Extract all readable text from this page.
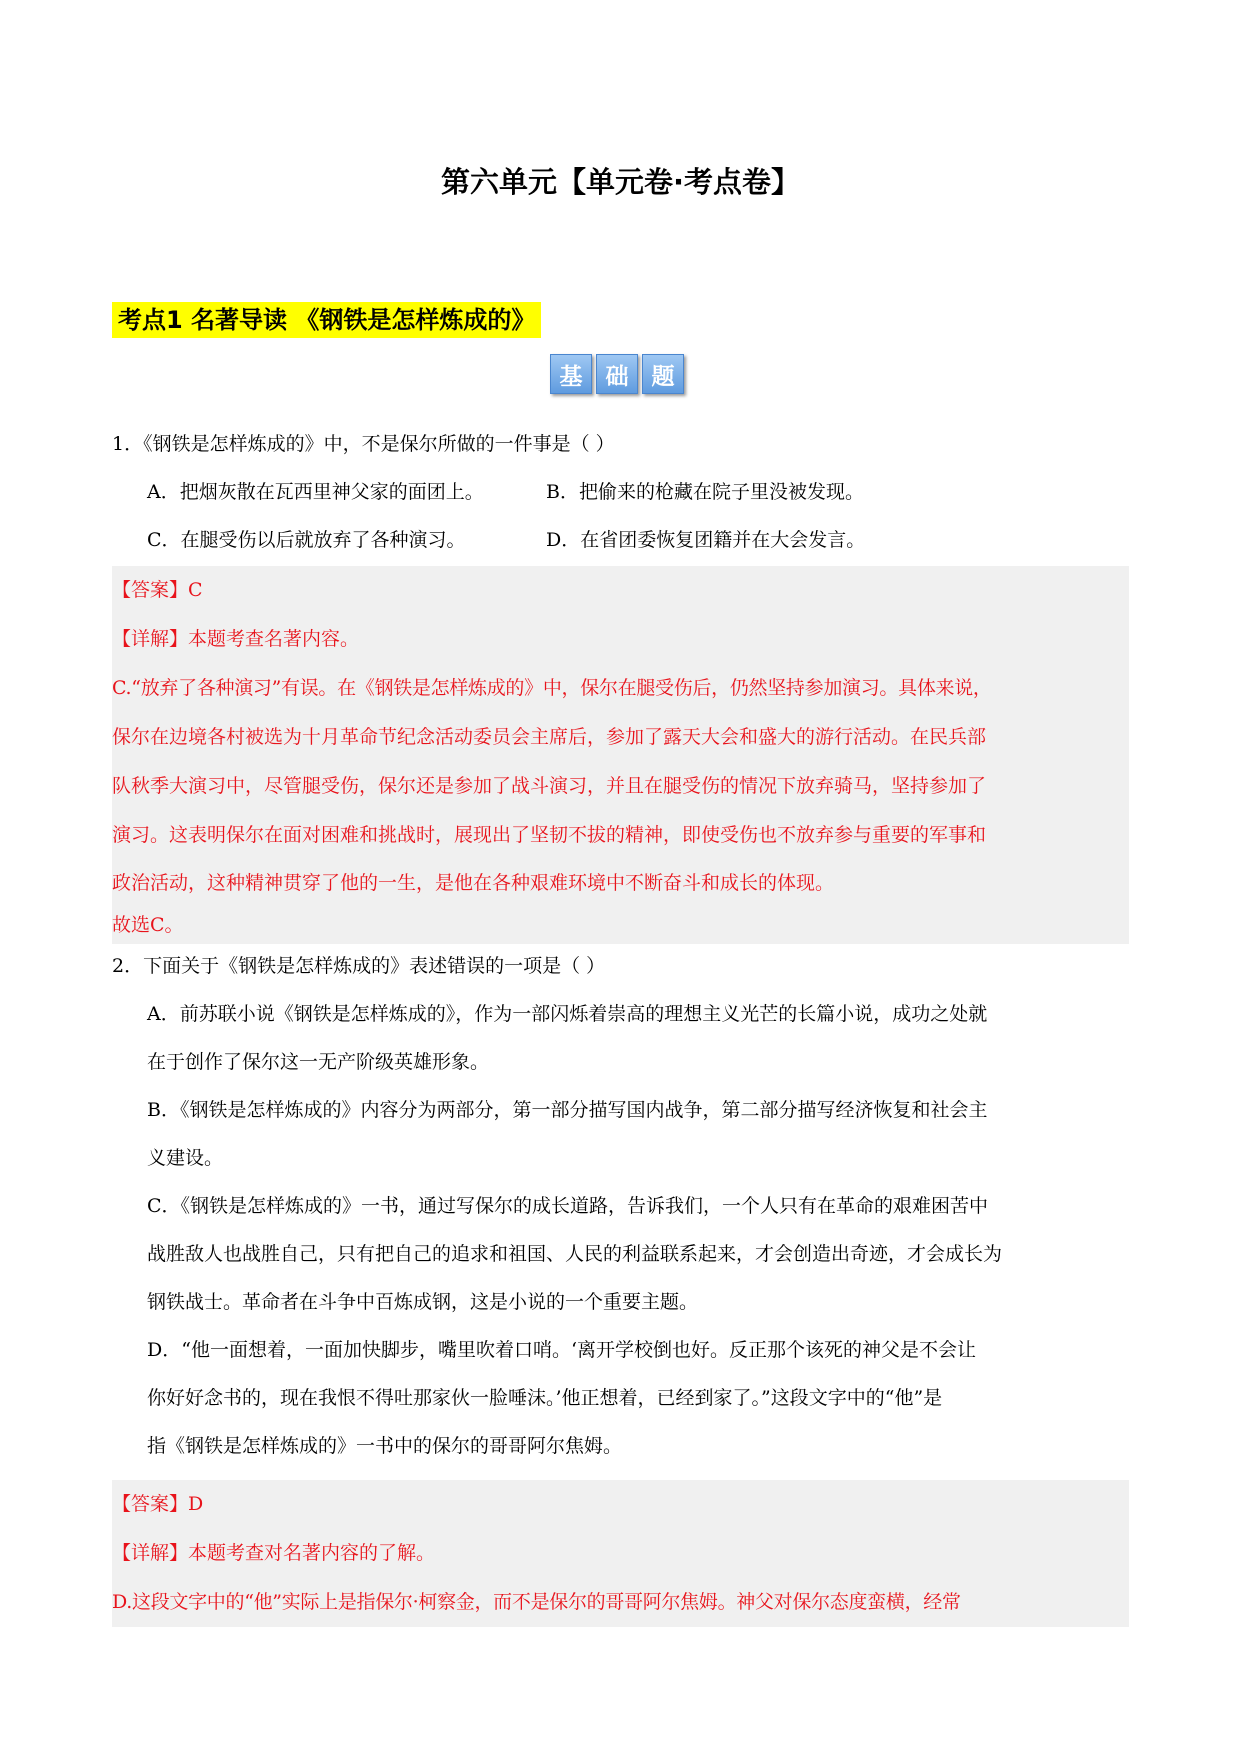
第六单元【单元卷·考点卷】
考点1 名著导读 《钢铁是怎样炼成的》
基	础	题

1．《钢铁是怎样炼成的》中，不是保尔所做的一件事是（ ）

A．把烟灰散在瓦西里神父家的面团上。	B．把偷来的枪藏在院子里没被发现。
C．在腿受伤以后就放弃了各种演习。	D．在省团委恢复团籍并在大会发言。

【答案】C

【详解】本题考查名著内容。

C.“放弃了各种演习”有误。在《钢铁是怎样炼成的》中，保尔在腿受伤后，仍然坚持参加演习。具体来说，

保尔在边境各村被选为十月革命节纪念活动委员会主席后，参加了露天大会和盛大的游行活动。在民兵部

队秋季大演习中，尽管腿受伤，保尔还是参加了战斗演习，并且在腿受伤的情况下放弃骑马，坚持参加了

演习。这表明保尔在面对困难和挑战时，展现出了坚韧不拔的精神，即使受伤也不放弃参与重要的军事和

政治活动，这种精神贯穿了他的一生，是他在各种艰难环境中不断奋斗和成长的体现。

故选C。

2．下面关于《钢铁是怎样炼成的》表述错误的一项是（ ）

A．前苏联小说《钢铁是怎样炼成的》，作为一部闪烁着崇高的理想主义光芒的长篇小说，成功之处就

在于创作了保尔这一无产阶级英雄形象。

B．《钢铁是怎样炼成的》内容分为两部分，第一部分描写国内战争，第二部分描写经济恢复和社会主

义建设。

C．《钢铁是怎样炼成的》一书，通过写保尔的成长道路，告诉我们，一个人只有在革命的艰难困苦中

战胜敌人也战胜自己，只有把自己的追求和祖国、人民的利益联系起来，才会创造出奇迹，才会成长为

钢铁战士。革命者在斗争中百炼成钢，这是小说的一个重要主题。

D．“他一面想着，一面加快脚步，嘴里吹着口哨。‘离开学校倒也好。反正那个该死的神父是不会让

你好好念书的，现在我恨不得吐那家伙一脸唾沫。’他正想着，已经到家了。”这段文字中的“他”是

指《钢铁是怎样炼成的》一书中的保尔的哥哥阿尔焦姆。

【答案】D

【详解】本题考查对名著内容的了解。

D.这段文字中的“他”实际上是指保尔·柯察金，而不是保尔的哥哥阿尔焦姆。神父对保尔态度蛮横，经常
